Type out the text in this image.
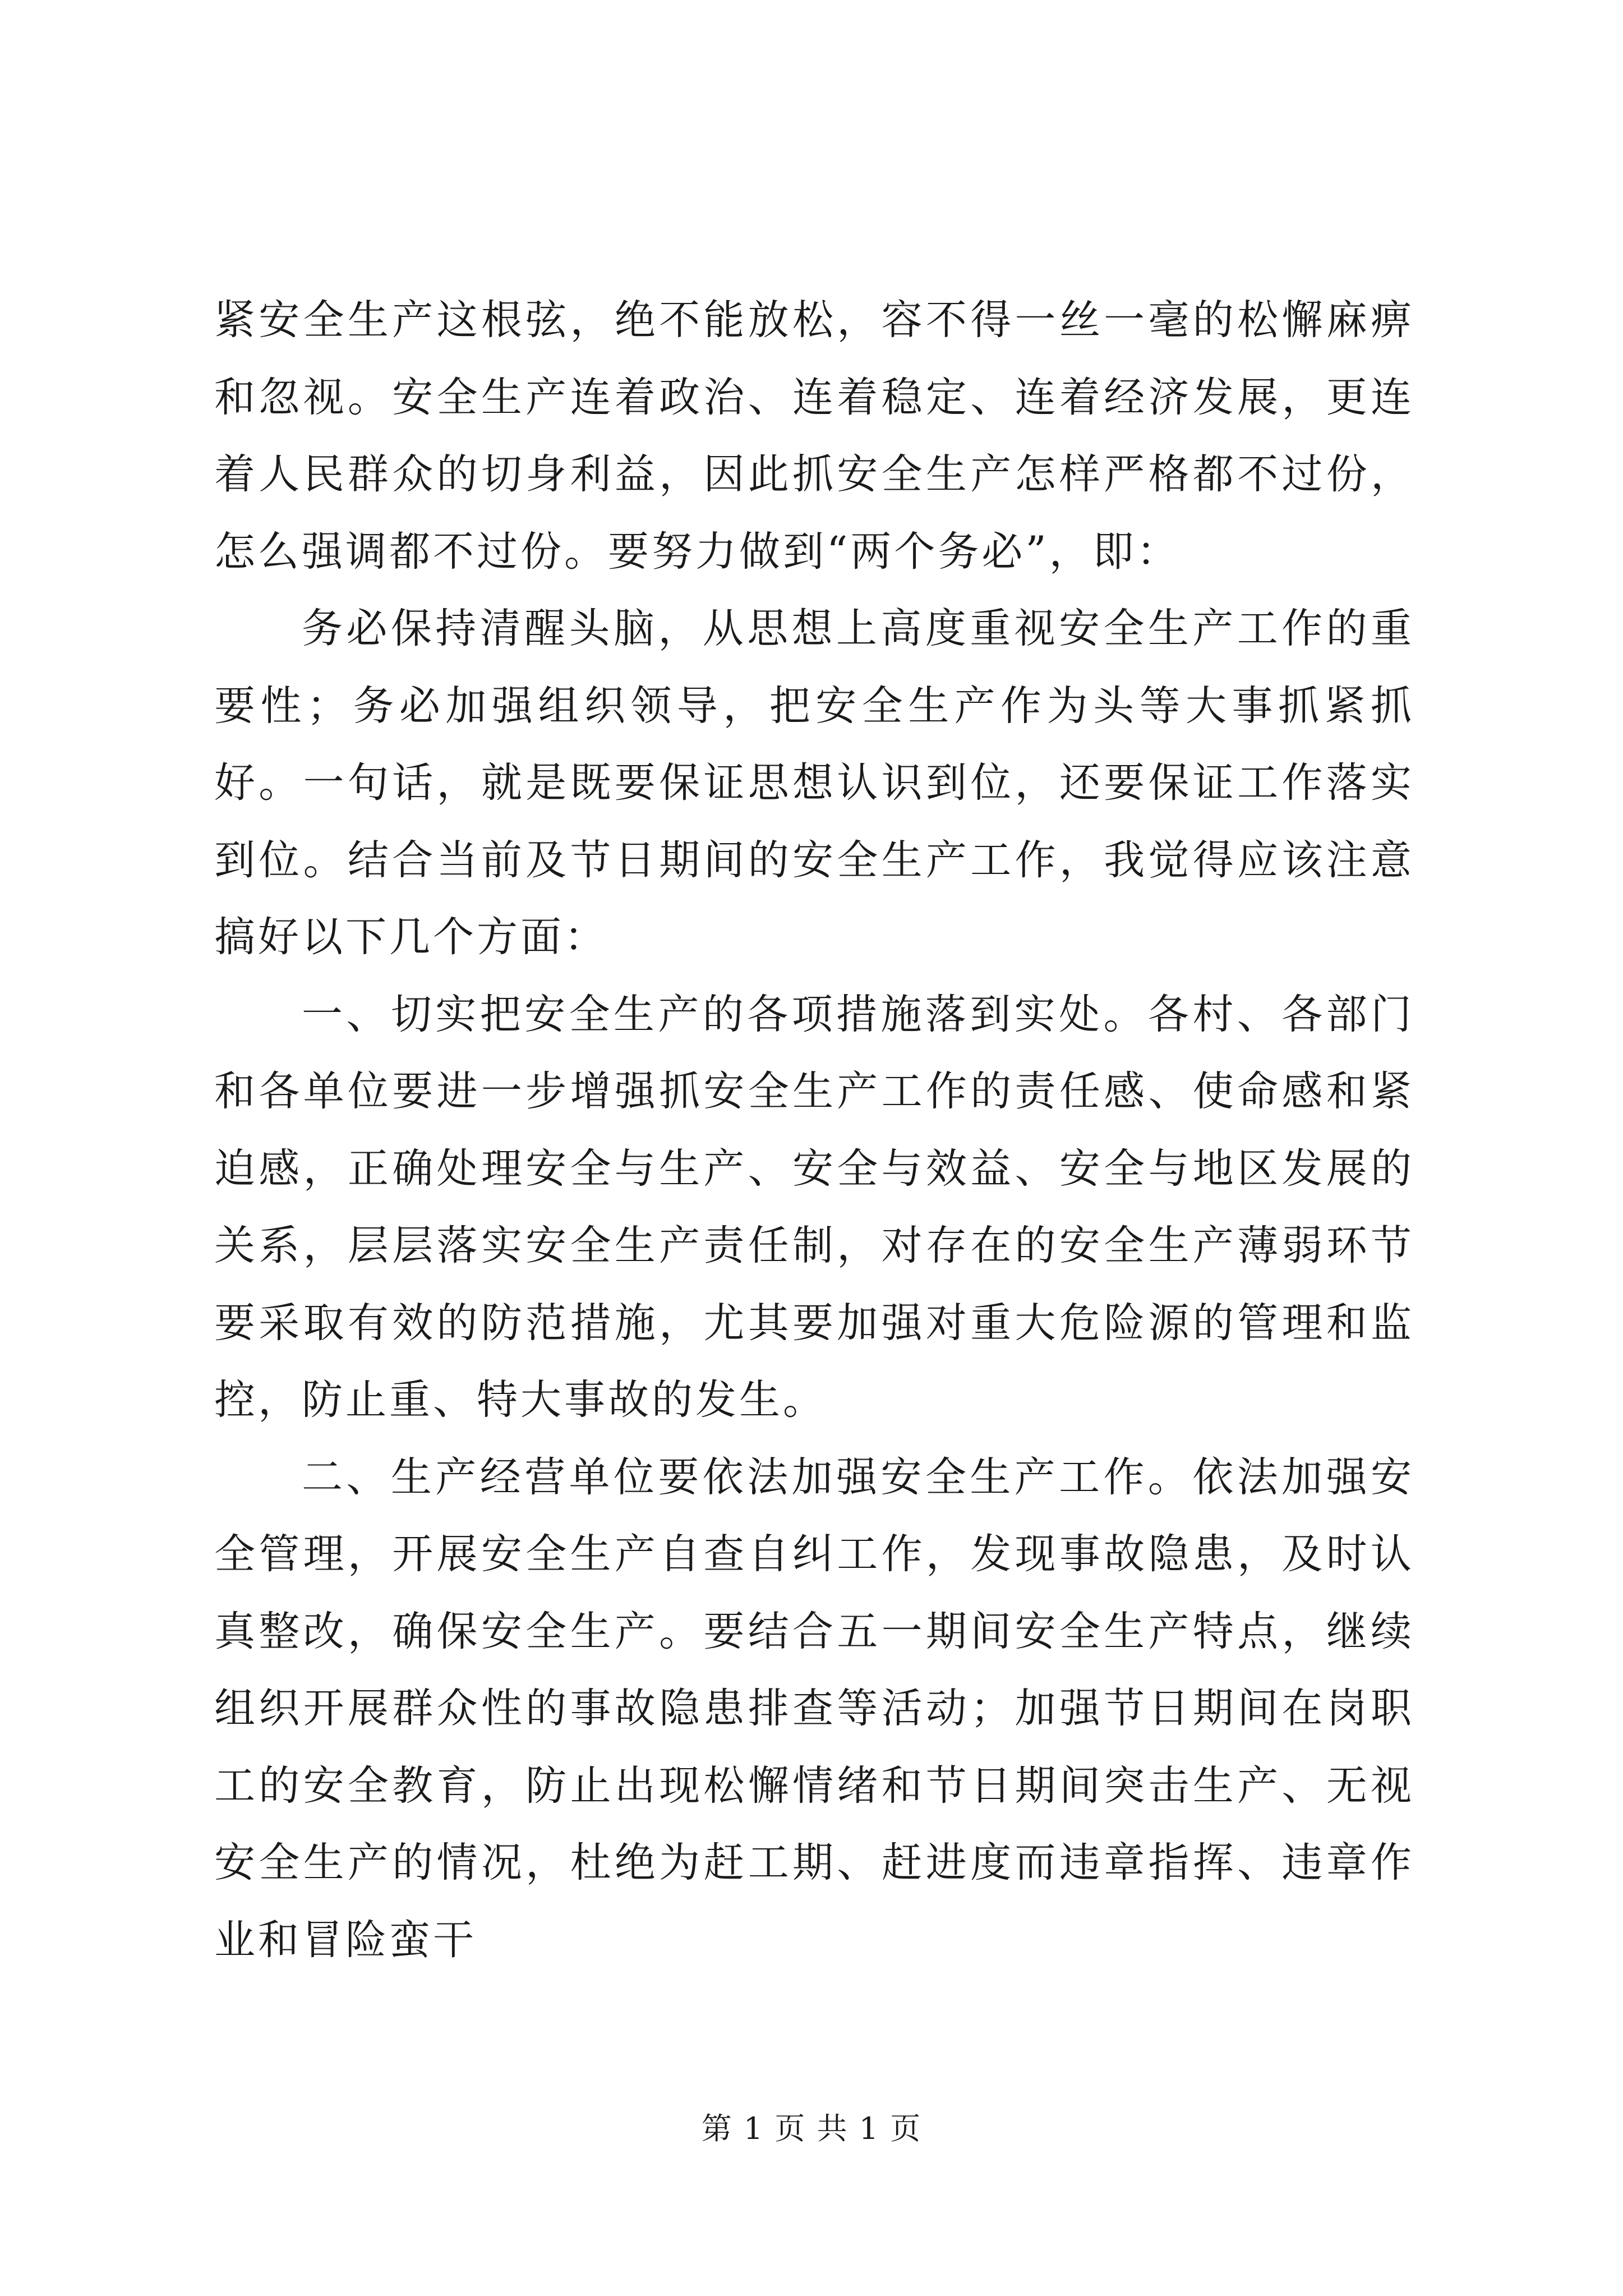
紧安全生产这根弦，绝不能放松，容不得一丝一毫的松懈麻痹和忽视。安全生产连着政治、连着稳定、连着经济发展，更连着人民群众的切身利益，因此抓安全生产怎样严格都不过份，怎么强调都不过份。要努力做到“两个务必”，即：

务必保持清醒头脑，从思想上高度重视安全生产工作的重要性；务必加强组织领导，把安全生产作为头等大事抓紧抓好。一句话，就是既要保证思想认识到位，还要保证工作落实到位。结合当前及节日期间的安全生产工作，我觉得应该注意搞好以下几个方面：

一、切实把安全生产的各项措施落到实处。各村、各部门和各单位要进一步增强抓安全生产工作的责任感、使命感和紧迫感，正确处理安全与生产、安全与效益、安全与地区发展的关系，层层落实安全生产责任制，对存在的安全生产薄弱环节要采取有效的防范措施，尤其要加强对重大危险源的管理和监控，防止重、特大事故的发生。

二、生产经营单位要依法加强安全生产工作。依法加强安全管理，开展安全生产自查自纠工作，发现事故隐患，及时认真整改，确保安全生产。要结合五一期间安全生产特点，继续组织开展群众性的事故隐患排查等活动；加强节日期间在岗职工的安全教育，防止出现松懈情绪和节日期间突击生产、无视安全生产的情况，杜绝为赶工期、赶进度而违章指挥、违章作业和冒险蛮干

第 1 页 共 1 页
